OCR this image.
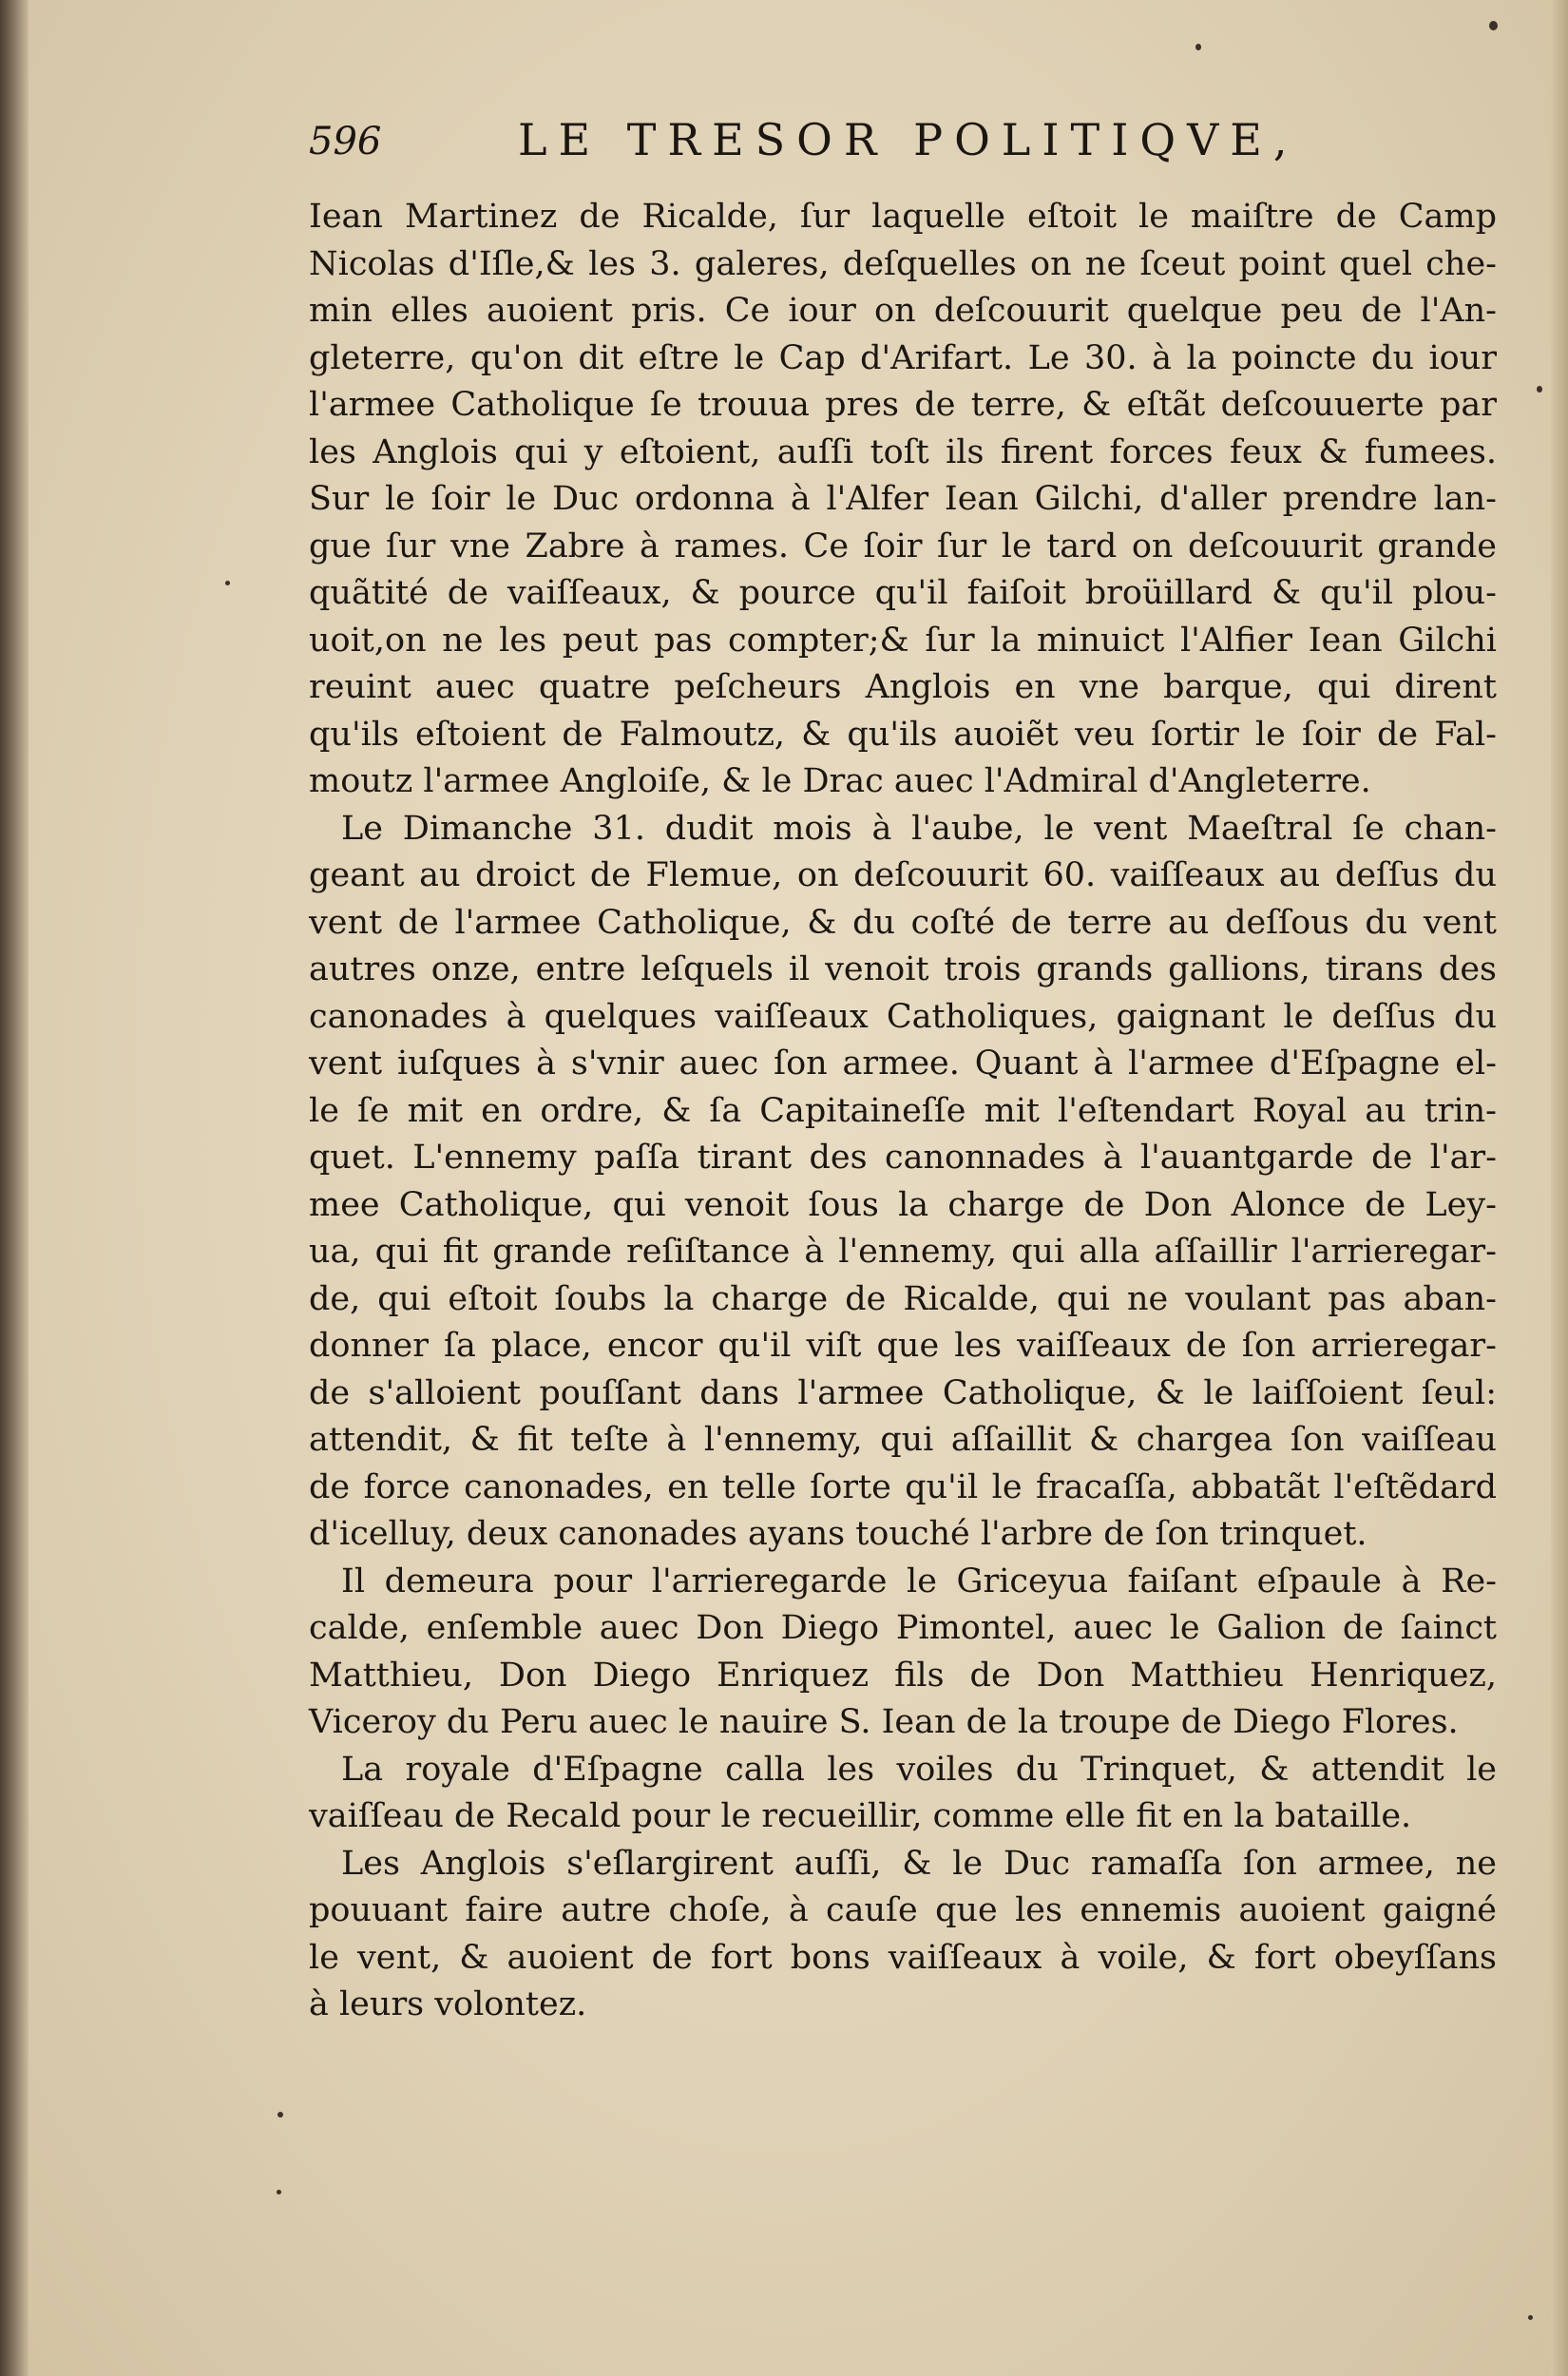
596	LE TRESOR POLITIQVE,
Iean Martinez de Ricalde, ſur laquelle eſtoit le maiſtre de Camp
Nicolas d'Iſle,& les 3. galeres, deſquelles on ne ſceut point quel che-
min elles auoient pris. Ce iour on deſcouurit quelque peu de l'An-
gleterre, qu'on dit eſtre le Cap d'Arifart. Le 30. à la poincte du iour
l'armee Catholique ſe trouua pres de terre, & eſtãt deſcouuerte par
les Anglois qui y eſtoient, auſſi toſt ils firent forces feux & fumees.
Sur le ſoir le Duc ordonna à l'Alfer Iean Gilchi, d'aller prendre lan-
gue ſur vne Zabre à rames. Ce ſoir ſur le tard on deſcouurit grande
quãtité de vaiſſeaux, & pource qu'il faiſoit broüillard & qu'il plou-
uoit,on ne les peut pas compter;& ſur la minuict l'Alfier Iean Gilchi
reuint auec quatre peſcheurs Anglois en vne barque, qui dirent
qu'ils eſtoient de Falmoutz, & qu'ils auoiẽt veu ſortir le ſoir de Fal-
moutz l'armee Angloiſe, & le Drac auec l'Admiral d'Angleterre.
Le Dimanche 31. dudit mois à l'aube, le vent Maeſtral ſe chan-
geant au droict de Flemue, on deſcouurit 60. vaiſſeaux au deſſus du
vent de l'armee Catholique, & du coſté de terre au deſſous du vent
autres onze, entre leſquels il venoit trois grands gallions, tirans des
canonades à quelques vaiſſeaux Catholiques, gaignant le deſſus du
vent iuſques à s'vnir auec ſon armee. Quant à l'armee d'Eſpagne el-
le ſe mit en ordre, & ſa Capitaineſſe mit l'eſtendart Royal au trin-
quet. L'ennemy paſſa tirant des canonnades à l'auantgarde de l'ar-
mee Catholique, qui venoit ſous la charge de Don Alonce de Ley-
ua, qui fit grande reſiſtance à l'ennemy, qui alla aſſaillir l'arrieregar-
de, qui eſtoit ſoubs la charge de Ricalde, qui ne voulant pas aban-
donner ſa place, encor qu'il viſt que les vaiſſeaux de ſon arrieregar-
de s'alloient pouſſant dans l'armee Catholique, & le laiſſoient ſeul:
attendit, & fit teſte à l'ennemy, qui aſſaillit & chargea ſon vaiſſeau
de force canonades, en telle ſorte qu'il le fracaſſa, abbatãt l'eſtẽdard
d'icelluy, deux canonades ayans touché l'arbre de ſon trinquet.
Il demeura pour l'arrieregarde le Griceyua faiſant eſpaule à Re-
calde, enſemble auec Don Diego Pimontel, auec le Galion de ſainct
Matthieu, Don Diego Enriquez fils de Don Matthieu Henriquez,
Viceroy du Peru auec le nauire S. Iean de la troupe de Diego Flores.
La royale d'Eſpagne calla les voiles du Trinquet, & attendit le
vaiſſeau de Recald pour le recueillir, comme elle fit en la bataille.
Les Anglois s'eſlargirent auſſi, & le Duc ramaſſa ſon armee, ne
pouuant faire autre choſe, à cauſe que les ennemis auoient gaigné
le vent, & auoient de fort bons vaiſſeaux à voile, & fort obeyſſans
à leurs volontez.
